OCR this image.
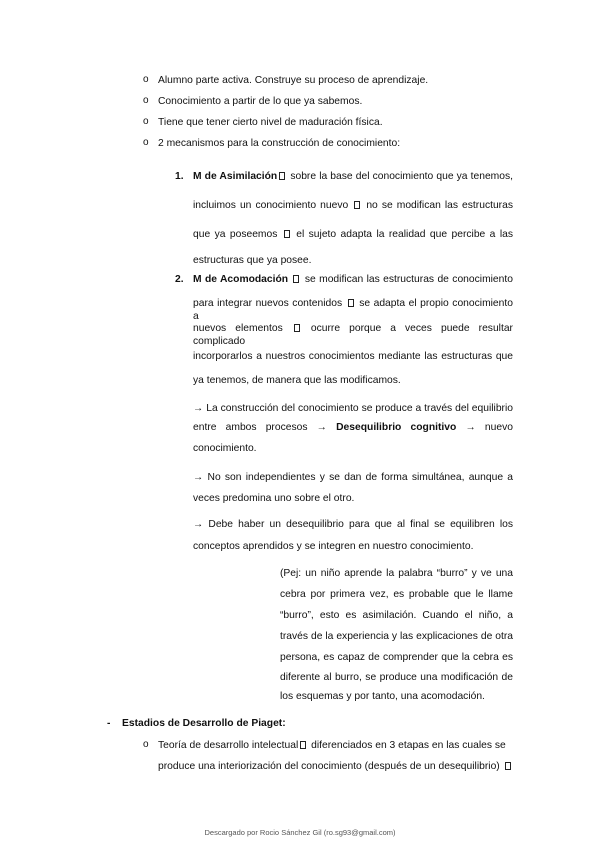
o Alumno parte activa. Construye su proceso de aprendizaje.
o Conocimiento a partir de lo que ya sabemos.
o Tiene que tener cierto nivel de maduración física.
o 2 mecanismos para la construcción de conocimiento:
1. M de Asimilación sobre la base del conocimiento que ya tenemos,
incluimos un conocimiento nuevo no se modifican las estructuras
que ya poseemos el sujeto adapta la realidad que percibe a las
estructuras que ya posee.
2. M de Acomodación se modifican las estructuras de conocimiento
para integrar nuevos contenidos se adapta el propio conocimiento a
nuevos elementos	ocurre porque a veces puede resultar complicado
incorporarlos a nuestros conocimientos mediante las estructuras que
ya tenemos, de manera que las modificamos.
→ La construcción del conocimiento se produce a través del equilibrio
entre ambos procesos → Desequilibrio cognitivo → nuevo
conocimiento.
→ No son independientes y se dan de forma simultánea, aunque a
veces predomina uno sobre el otro.
→ Debe haber un desequilibrio para que al final se equilibren los
conceptos aprendidos y se integren en nuestro conocimiento.
(Pej: un niño aprende la palabra “burro” y ve una
cebra por primera vez, es probable que le llame
“burro”, esto es asimilación. Cuando el niño, a
través de la experiencia y las explicaciones de otra
persona, es capaz de comprender que la cebra es
diferente al burro, se produce una modificación de
los esquemas y por tanto, una acomodación.
- Estadios de Desarrollo de Piaget:
o Teoría de desarrollo intelectual diferenciados en 3 etapas en las cuales se
produce una interiorización del conocimiento (después de un desequilibrio)
Descargado por Rocio Sánchez Gil (ro.sg93@gmail.com)
